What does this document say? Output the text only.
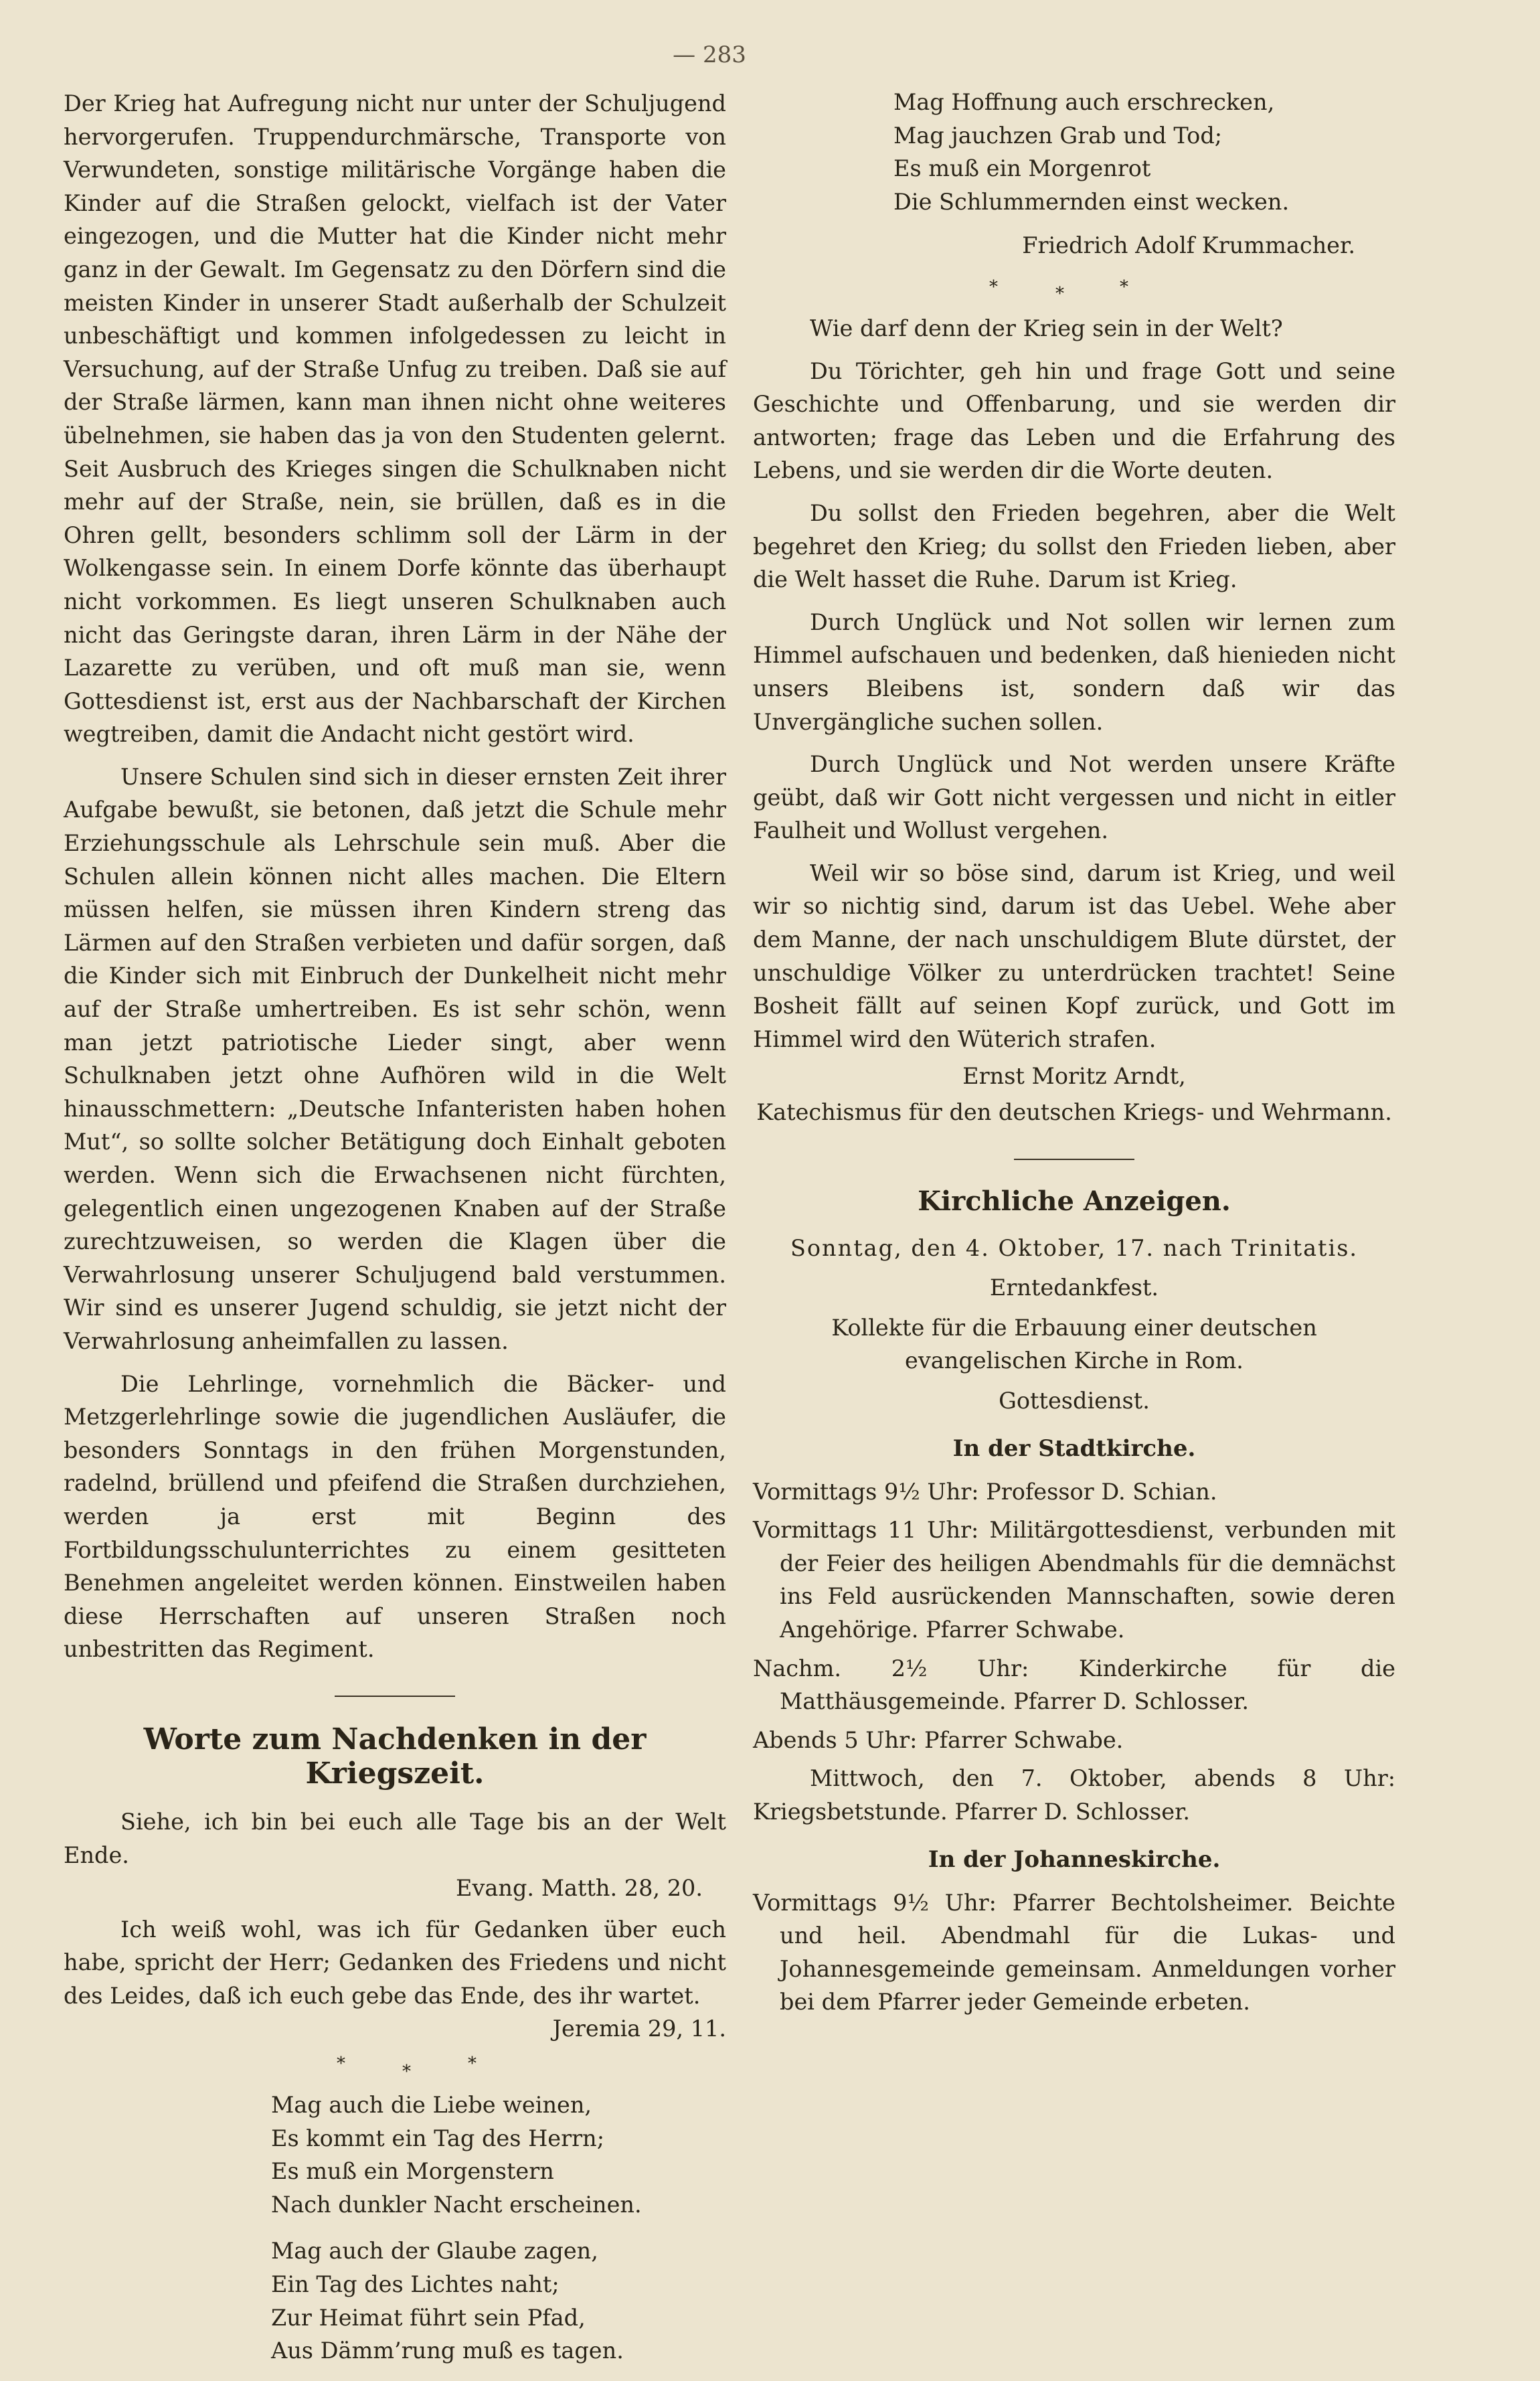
— 283

Der Krieg hat Aufregung nicht nur unter der Schuljugend hervorgerufen. Truppendurchmärsche, Transporte von Verwundeten, sonstige militärische Vorgänge haben die Kinder auf die Straßen gelockt, vielfach ist der Vater eingezogen, und die Mutter hat die Kinder nicht mehr ganz in der Gewalt. Im Gegensatz zu den Dörfern sind die meisten Kinder in unserer Stadt außerhalb der Schulzeit unbeschäftigt und kommen infolgedessen zu leicht in Versuchung, auf der Straße Unfug zu treiben. Daß sie auf der Straße lärmen, kann man ihnen nicht ohne weiteres übelnehmen, sie haben das ja von den Studenten gelernt. Seit Ausbruch des Krieges singen die Schulknaben nicht mehr auf der Straße, nein, sie brüllen, daß es in die Ohren gellt, besonders schlimm soll der Lärm in der Wolkengasse sein. In einem Dorfe könnte das überhaupt nicht vorkommen. Es liegt unseren Schulknaben auch nicht das Geringste daran, ihren Lärm in der Nähe der Lazarette zu verüben, und oft muß man sie, wenn Gottesdienst ist, erst aus der Nachbarschaft der Kirchen wegtreiben, damit die Andacht nicht gestört wird.

Unsere Schulen sind sich in dieser ernsten Zeit ihrer Aufgabe bewußt, sie betonen, daß jetzt die Schule mehr Erziehungsschule als Lehrschule sein muß. Aber die Schulen allein können nicht alles machen. Die Eltern müssen helfen, sie müssen ihren Kindern streng das Lärmen auf den Straßen verbieten und dafür sorgen, daß die Kinder sich mit Einbruch der Dunkelheit nicht mehr auf der Straße umhertreiben. Es ist sehr schön, wenn man jetzt patriotische Lieder singt, aber wenn Schulknaben jetzt ohne Aufhören wild in die Welt hinausschmettern: „Deutsche Infanteristen haben hohen Mut“, so sollte solcher Betätigung doch Einhalt geboten werden. Wenn sich die Erwachsenen nicht fürchten, gelegentlich einen ungezogenen Knaben auf der Straße zurechtzuweisen, so werden die Klagen über die Verwahrlosung unserer Schuljugend bald verstummen. Wir sind es unserer Jugend schuldig, sie jetzt nicht der Verwahrlosung anheimfallen zu lassen.

Die Lehrlinge, vornehmlich die Bäcker- und Metzgerlehrlinge sowie die jugendlichen Ausläufer, die besonders Sonntags in den frühen Morgenstunden, radelnd, brüllend und pfeifend die Straßen durchziehen, werden ja erst mit Beginn des Fortbildungsschulunterrichtes zu einem gesitteten Benehmen angeleitet werden können. Einstweilen haben diese Herrschaften auf unseren Straßen noch unbestritten das Regiment.

Worte zum Nachdenken in der Kriegszeit.

Siehe, ich bin bei euch alle Tage bis an der Welt Ende.

Evang. Matth. 28, 20.

Ich weiß wohl, was ich für Gedanken über euch habe, spricht der Herr; Gedanken des Friedens und nicht des Leides, daß ich euch gebe das Ende, des ihr wartet.

Jeremia 29, 11.

*	*	*
Mag auch die Liebe weinen,
Es kommt ein Tag des Herrn;
Es muß ein Morgenstern
Nach dunkler Nacht erscheinen.
Mag auch der Glaube zagen,
Ein Tag des Lichtes naht;
Zur Heimat führt sein Pfad,
Aus Dämm’rung muß es tagen.
Mag Hoffnung auch erschrecken,
Mag jauchzen Grab und Tod;
Es muß ein Morgenrot
Die Schlummernden einst wecken.

Friedrich Adolf Krummacher.

*	*	*

Wie darf denn der Krieg sein in der Welt?

Du Törichter, geh hin und frage Gott und seine Geschichte und Offenbarung, und sie werden dir antworten; frage das Leben und die Erfahrung des Lebens, und sie werden dir die Worte deuten.

Du sollst den Frieden begehren, aber die Welt begehret den Krieg; du sollst den Frieden lieben, aber die Welt hasset die Ruhe. Darum ist Krieg.

Durch Unglück und Not sollen wir lernen zum Himmel aufschauen und bedenken, daß hienieden nicht unsers Bleibens ist, sondern daß wir das Unvergängliche suchen sollen.

Durch Unglück und Not werden unsere Kräfte geübt, daß wir Gott nicht vergessen und nicht in eitler Faulheit und Wollust vergehen.

Weil wir so böse sind, darum ist Krieg, und weil wir so nichtig sind, darum ist das Uebel. Wehe aber dem Manne, der nach unschuldigem Blute dürstet, der unschuldige Völker zu unterdrücken trachtet! Seine Bosheit fällt auf seinen Kopf zurück, und Gott im Himmel wird den Wüterich strafen.

Ernst Moritz Arndt,

Katechismus für den deutschen Kriegs- und Wehrmann.

Kirchliche Anzeigen.

Sonntag, den 4. Oktober, 17. nach Trinitatis.

Erntedankfest.

Kollekte für die Erbauung einer deutschen evangelischen Kirche in Rom.

Gottesdienst.

In der Stadtkirche.

Vormittags 9½ Uhr: Professor D. Schian.

Vormittags 11 Uhr: Militärgottesdienst, verbunden mit der Feier des heiligen Abendmahls für die demnächst ins Feld ausrückenden Mannschaften, sowie deren Angehörige. Pfarrer Schwabe.

Nachm. 2½ Uhr: Kinderkirche für die Matthäusgemeinde. Pfarrer D. Schlosser.

Abends 5 Uhr: Pfarrer Schwabe.

Mittwoch, den 7. Oktober, abends 8 Uhr: Kriegsbetstunde. Pfarrer D. Schlosser.

In der Johanneskirche.

Vormittags 9½ Uhr: Pfarrer Bechtolsheimer. Beichte und heil. Abendmahl für die Lukas- und Johannesgemeinde gemeinsam. Anmeldungen vorher bei dem Pfarrer jeder Gemeinde erbeten.
